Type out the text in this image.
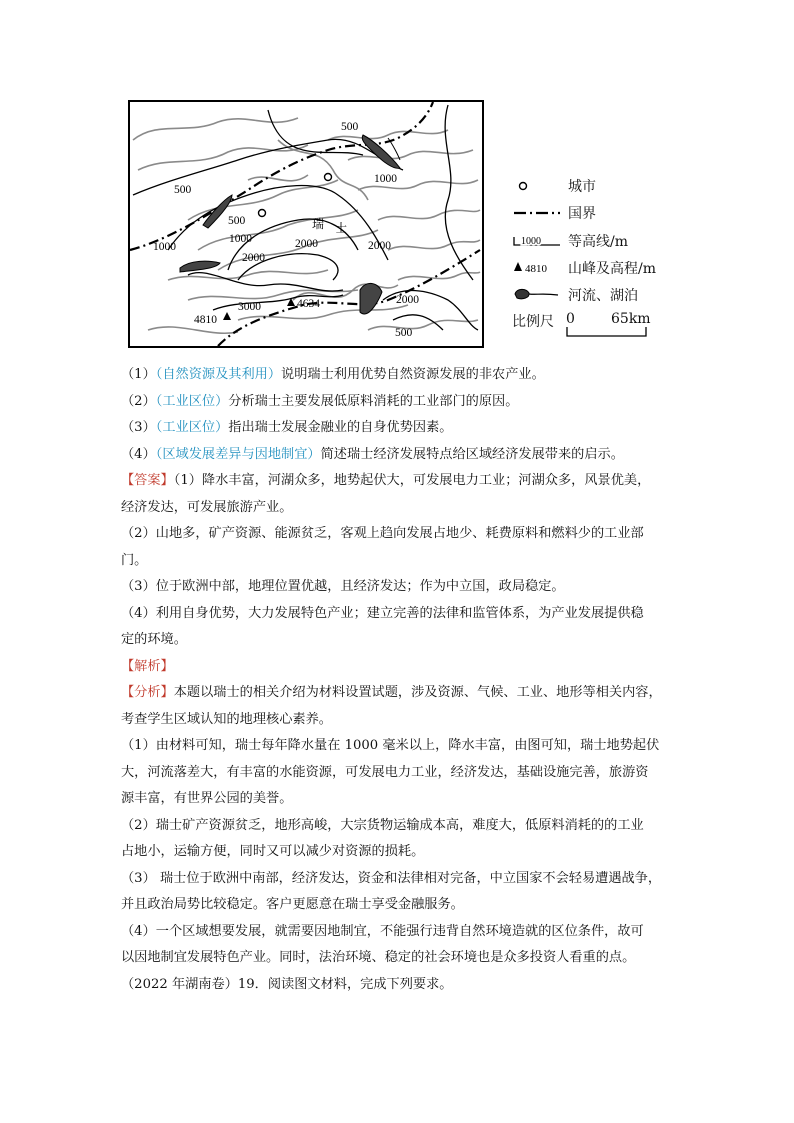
500
1000
500
500
1000
2000
1000	2000
2000
3000	4634
4810
2000
500
瑞 士
城市
国界
1000 等高线/m
4810 山峰及高程/m
河流、湖泊
比例尺 0	65km
（1）（自然资源及其利用）说明瑞士利用优势自然资源发展的非农产业。
（2）（工业区位）分析瑞士主要发展低原料消耗的工业部门的原因。
（3）（工业区位）指出瑞士发展金融业的自身优势因素。
（4）（区域发展差异与因地制宜）简述瑞士经济发展特点给区域经济发展带来的启示。
【答案】（1）降水丰富，河湖众多，地势起伏大，可发展电力工业；河湖众多，风景优美，
经济发达，可发展旅游产业。
（2）山地多，矿产资源、能源贫乏，客观上趋向发展占地少、耗费原料和燃料少的工业部
门。
（3）位于欧洲中部，地理位置优越，且经济发达；作为中立国，政局稳定。
（4）利用自身优势，大力发展特色产业；建立完善的法律和监管体系，为产业发展提供稳
定的环境。
【解析】
【分析】本题以瑞士的相关介绍为材料设置试题，涉及资源、气候、工业、地形等相关内容，
考查学生区域认知的地理核心素养。
（1）由材料可知，瑞士每年降水量在 1000 毫米以上，降水丰富，由图可知，瑞士地势起伏
大，河流落差大，有丰富的水能资源，可发展电力工业，经济发达，基础设施完善，旅游资
源丰富，有世界公园的美誉。
（2）瑞士矿产资源贫乏，地形高峻，大宗货物运输成本高，难度大，低原料消耗的的工业
占地小，运输方便，同时又可以减少对资源的损耗。
（3） 瑞士位于欧洲中南部，经济发达，资金和法律相对完备，中立国家不会轻易遭遇战争，
并且政治局势比较稳定。客户更愿意在瑞士享受金融服务。
（4）一个区域想要发展，就需要因地制宜，不能强行违背自然环境造就的区位条件，故可
以因地制宜发展特色产业。同时，法治环境、稳定的社会环境也是众多投资人看重的点。
（2022 年湖南卷）19．阅读图文材料，完成下列要求。
